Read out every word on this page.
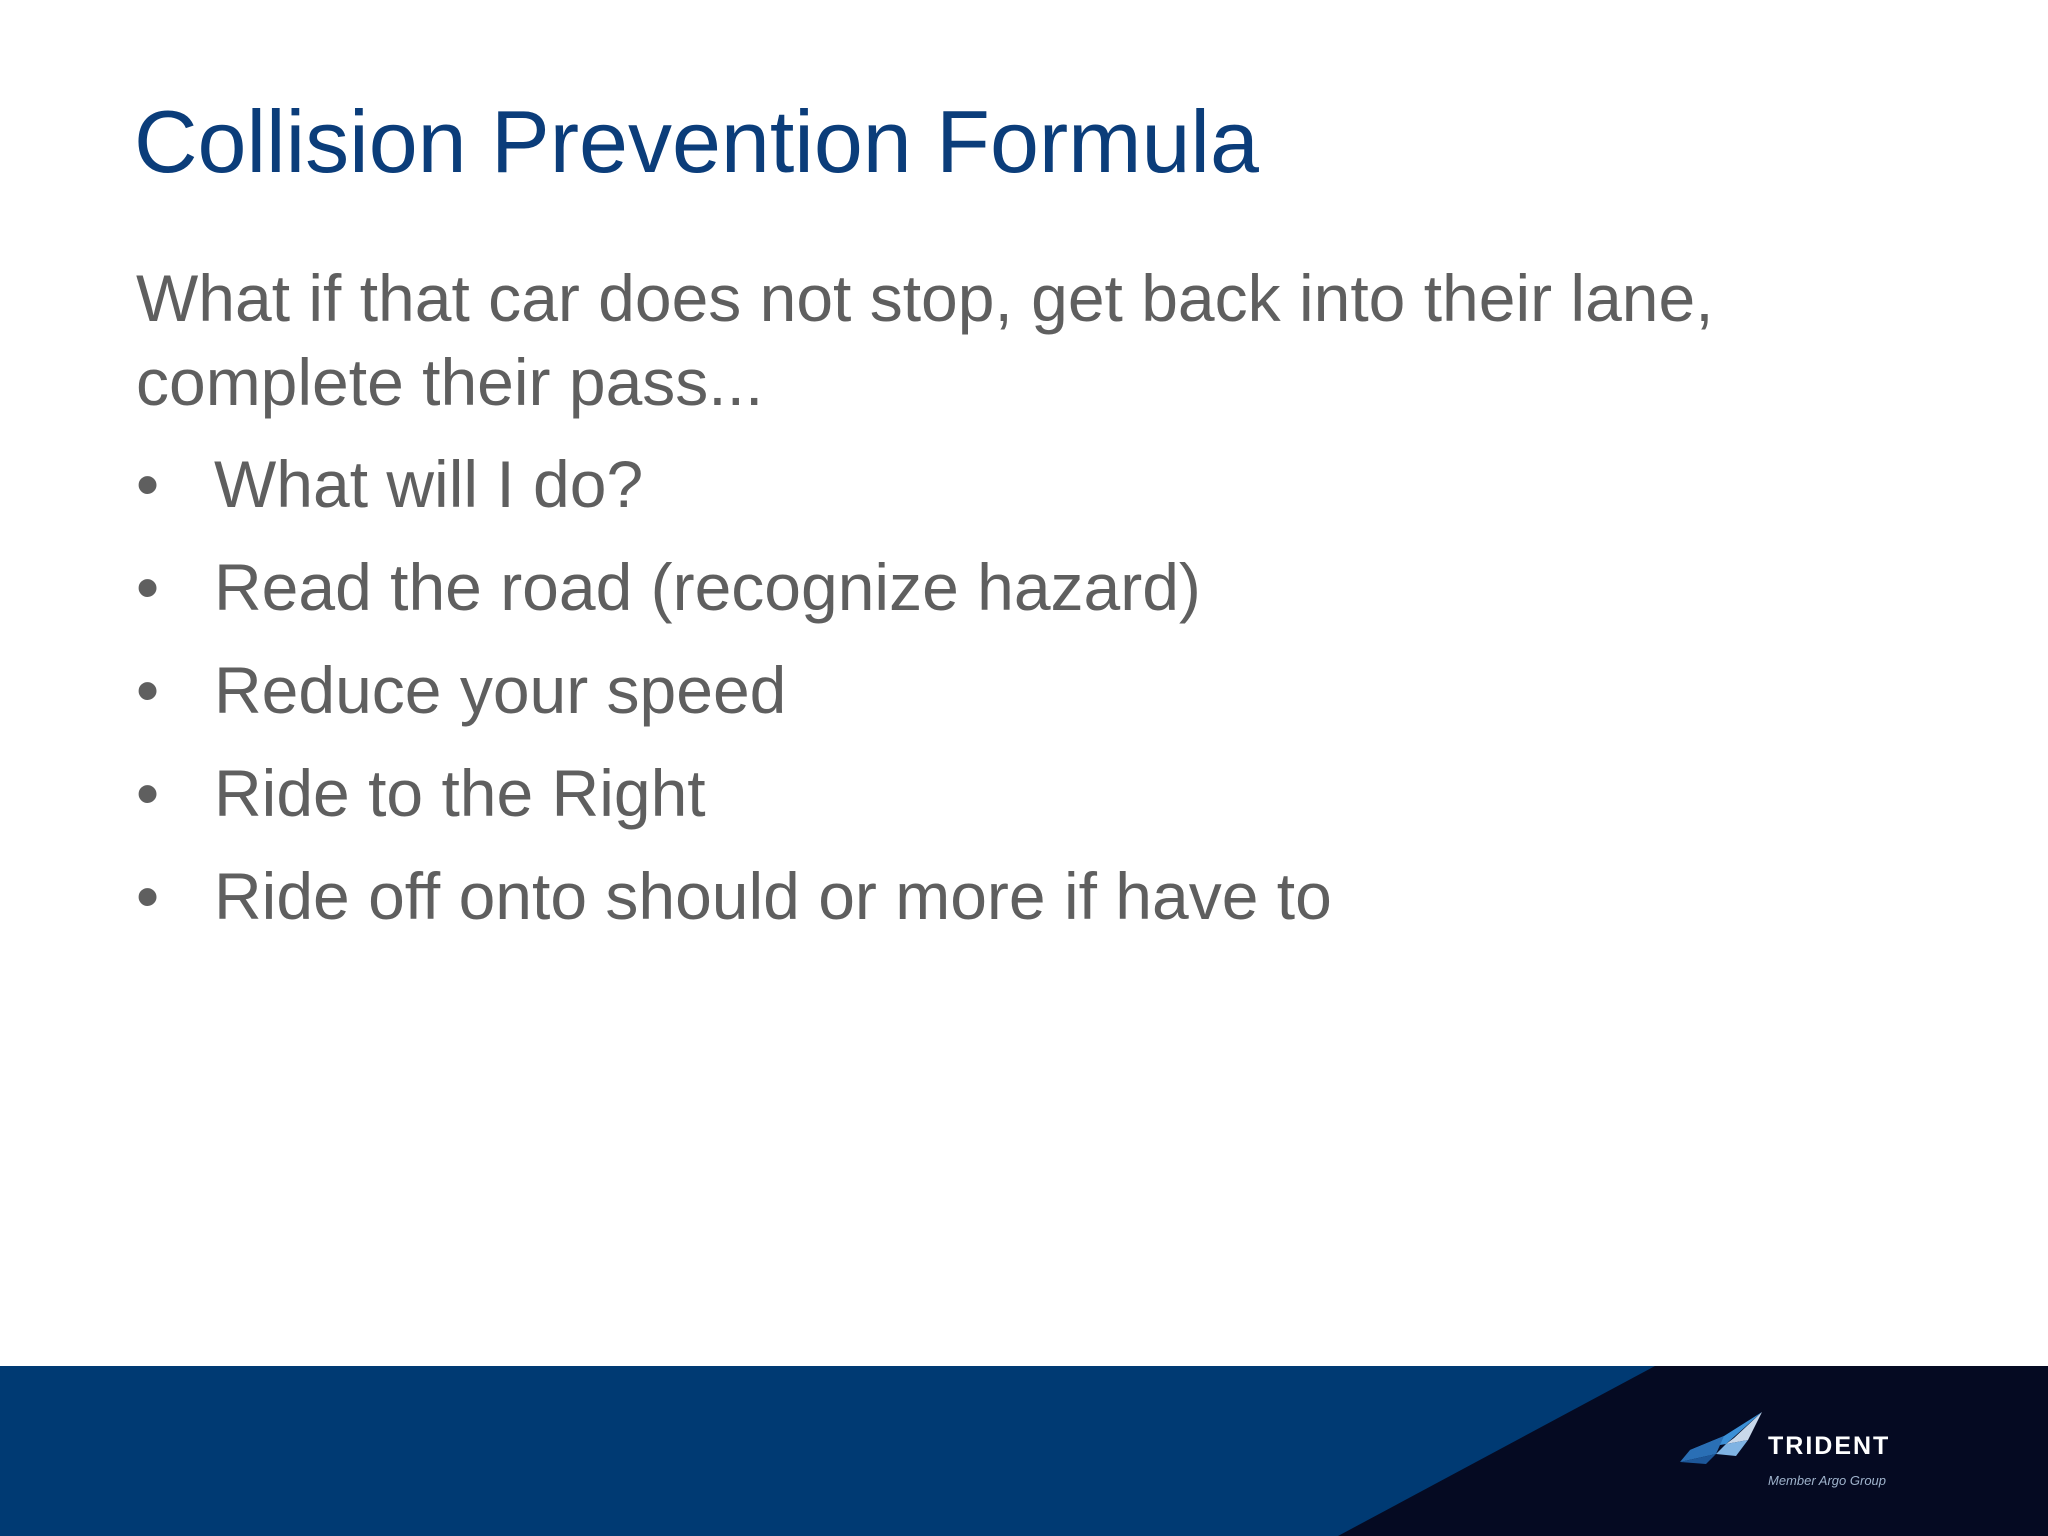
Collision Prevention Formula

What if that car does not stop, get back into their lane, complete their pass...

• What will I do?
• Read the road (recognize hazard)
• Reduce your speed
• Ride to the Right
• Ride off onto should or more if have to
TRIDENT
Member Argo Group
